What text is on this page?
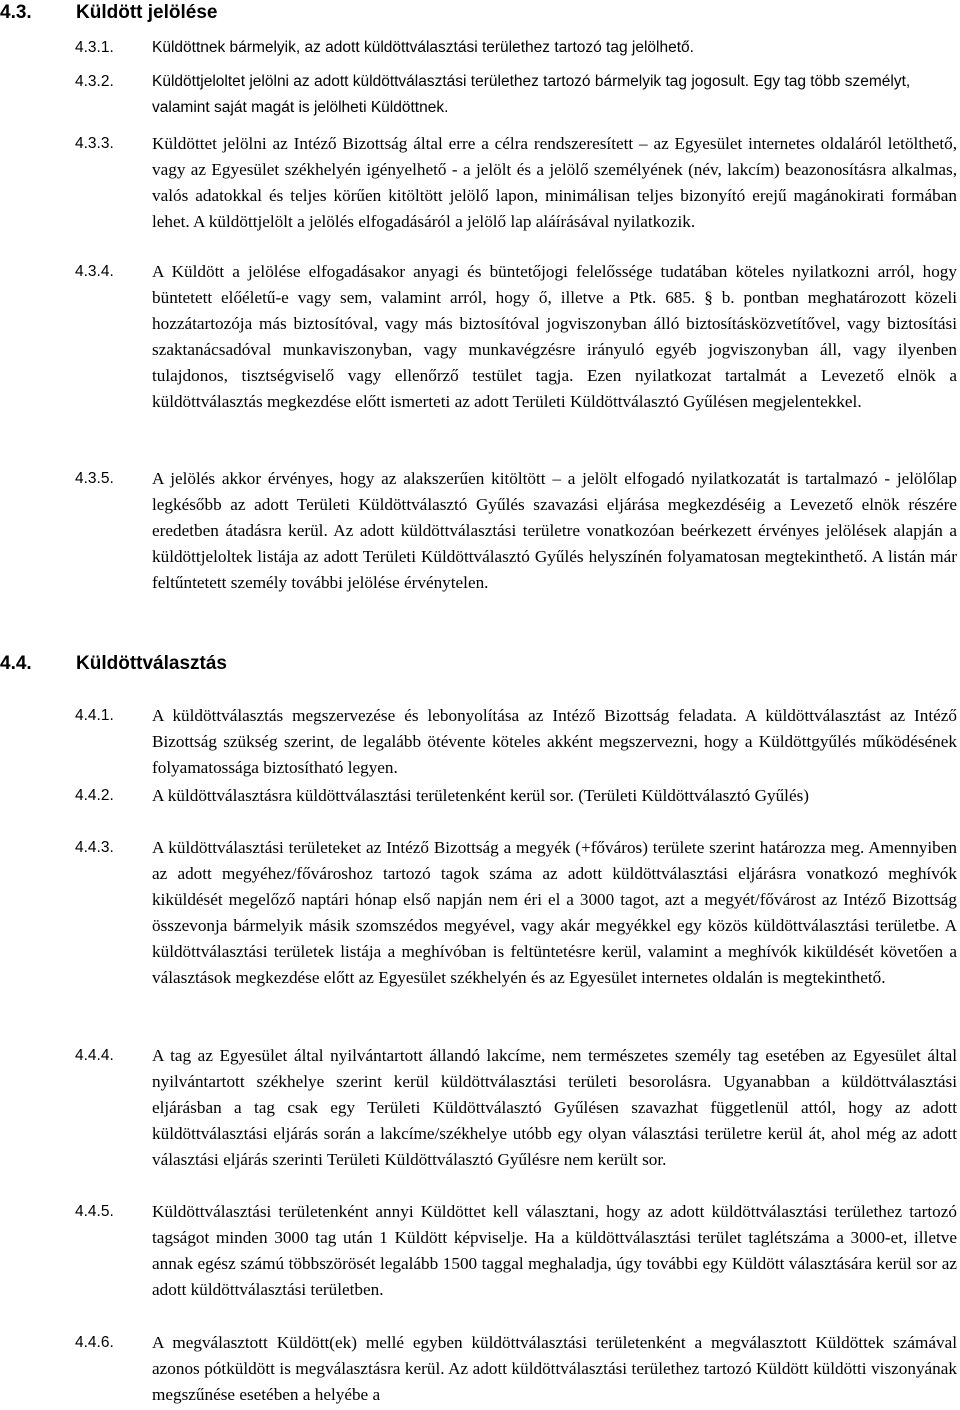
4.3. Küldött jelölése
4.3.1. Küldöttnek bármelyik, az adott küldöttválasztási területhez tartozó tag jelölhető.
4.3.2. Küldöttjeloltet jelölni az adott küldöttválasztási területhez tartozó bármelyik tag jogosult. Egy tag több személyt, valamint saját magát is jelölheti Küldöttnek.
4.3.3. Küldöttet jelölni az Intéző Bizottság által erre a célra rendszeresített – az Egyesület internetes oldaláról letölthető, vagy az Egyesület székhelyén igényelhető - a jelölt és a jelölő személyének (név, lakcím) beazonosításra alkalmas, valós adatokkal és teljes körűen kitöltött jelölő lapon, minimálisan teljes bizonyító erejű magánokirati formában lehet. A küldöttjelölt a jelölés elfogadásáról a jelölő lap aláírásával nyilatkozik.
4.3.4. A Küldött a jelölése elfogadásakor anyagi és büntetőjogi felelőssége tudatában köteles nyilatkozni arról, hogy büntetett előéletű-e vagy sem, valamint arról, hogy ő, illetve a Ptk. 685. § b. pontban meghatározott közeli hozzátartozója más biztosítóval, vagy más biztosítóval jogviszonyban álló biztosításközvetítővel, vagy biztosítási szaktanácsadóval munkaviszonyban, vagy munkavégzésre irányuló egyéb jogviszonyban áll, vagy ilyenben tulajdonos, tisztségviselő vagy ellenőrző testület tagja. Ezen nyilatkozat tartalmát a Levezető elnök a küldöttválasztás megkezdése előtt ismerteti az adott Területi Küldöttválasztó Gyűlésen megjelentekkel.
4.3.5. A jelölés akkor érvényes, hogy az alakszerűen kitöltött – a jelölt elfogadó nyilatkozatát is tartalmazó - jelölőlap legkésőbb az adott Területi Küldöttválasztó Gyűlés szavazási eljárása megkezdéséig a Levezető elnök részére eredetben átadásra kerül. Az adott küldöttválasztási területre vonatkozóan beérkezett érvényes jelölések alapján a küldöttjeloltek listája az adott Területi Küldöttválasztó Gyűlés helyszínén folyamatosan megtekinthető. A listán már feltűntetett személy további jelölése érvénytelen.
4.4. Küldöttválasztás
4.4.1. A küldöttválasztás megszervezése és lebonyolítása az Intéző Bizottság feladata. A küldöttválasztást az Intéző Bizottság szükség szerint, de legalább ötévente köteles akként megszervezni, hogy a Küldöttgyűlés működésének folyamatossága biztosítható legyen.
4.4.2. A küldöttválasztásra küldöttválasztási területenként kerül sor. (Területi Küldöttválasztó Gyűlés)
4.4.3. A küldöttválasztási területeket az Intéző Bizottság a megyék (+főváros) területe szerint határozza meg. Amennyiben az adott megyéhez/fővároshoz tartozó tagok száma az adott küldöttválasztási eljárásra vonatkozó meghívók kiküldését megelőző naptári hónap első napján nem éri el a 3000 tagot, azt a megyét/fővárost az Intéző Bizottság összevonja bármelyik másik szomszédos megyével, vagy akár megyékkel egy közös küldöttválasztási területbe. A küldöttválasztási területek listája a meghívóban is feltüntetésre kerül, valamint a meghívók kiküldését követően a választások megkezdése előtt az Egyesület székhelyén és az Egyesület internetes oldalán is megtekinthető.
4.4.4. A tag az Egyesület által nyilvántartott állandó lakcíme, nem természetes személy tag esetében az Egyesület által nyilvántartott székhelye szerint kerül küldöttválasztási területi besorolásra. Ugyanabban a küldöttválasztási eljárásban a tag csak egy Területi Küldöttválasztó Gyűlésen szavazhat függetlenül attól, hogy az adott küldöttválasztási eljárás során a lakcíme/székhelye utóbb egy olyan választási területre kerül át, ahol még az adott választási eljárás szerinti Területi Küldöttválasztó Gyűlésre nem került sor.
4.4.5. Küldöttválasztási területenként annyi Küldöttet kell választani, hogy az adott küldöttválasztási területhez tartozó tagságot minden 3000 tag után 1 Küldött képviselje. Ha a küldöttválasztási terület taglétszáma a 3000-et, illetve annak egész számú többszörösét legalább 1500 taggal meghaladja, úgy további egy Küldött választására kerül sor az adott küldöttválasztási területben.
4.4.6. A megválasztott Küldött(ek) mellé egyben küldöttválasztási területenként a megválasztott Küldöttek számával azonos pótküldött is megválasztásra kerül. Az adott küldöttválasztási területhez tartozó Küldött küldötti viszonyának megszűnése esetében a helyébe a
